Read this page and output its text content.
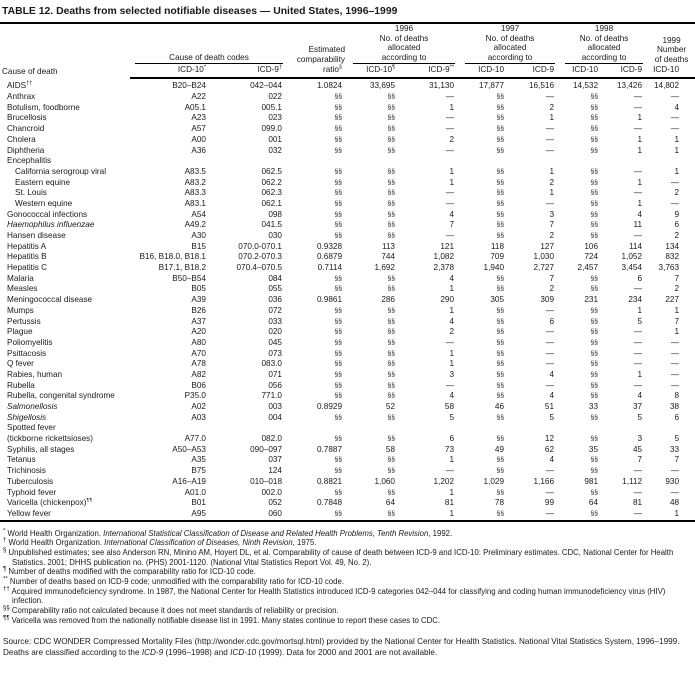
TABLE 12. Deaths from selected notifiable diseases — United States, 1996–1999
Cause of death	
Cause of death codes

Estimated
comparability

1996
No. of deaths
allocated
according to

1997
No. of deaths
allocated
according to

1998
No. of deaths
allocated
according to

1999
Number
of deaths

	ICD-10*	ICD-9†	ratio§	ICD-10¶	ICD-9**	ICD-10	ICD-9	ICD-10	ICD-9	ICD-10
AIDS††	B20–B24	042–044	1.0824	33,695	31,130	17,877	16,516	14,532	13,426	14,802
Anthrax	A22	022	§§	§§	—	§§	—	§§	—	—
Botulism, foodborne	A05.1	005.1	§§	§§	1	§§	2	§§	—	4
Brucellosis	A23	023	§§	§§	—	§§	1	§§	1	—
Chancroid	A57	099.0	§§	§§	—	§§	—	§§	—	—
Cholera	A00	001	§§	§§	2	§§	—	§§	1	1
Diphtheria	A36	032	§§	§§	—	§§	—	§§	1	1
Encephalitis										
California serogroup viral	A83.5	062.5	§§	§§	1	§§	1	§§	—	1
Eastern equine	A83.2	062.2	§§	§§	1	§§	2	§§	1	—
St. Louis	A83.3	062.3	§§	§§	—	§§	1	§§	—	2
Western equine	A83.1	062.1	§§	§§	—	§§	—	§§	1	—
Gonococcal infections	A54	098	§§	§§	4	§§	3	§§	4	9
Haemophilus influenzae	A49.2	041.5	§§	§§	7	§§	7	§§	11	6
Hansen disease	A30	030	§§	§§	—	§§	2	§§	—	2
Hepatitis A	B15	070.0-070.1	0.9328	113	121	118	127	106	114	134
Hepatitis B	B16, B18.0, B18.1	070.2-070.3	0.6879	744	1,082	709	1,030	724	1,052	832
Hepatitis C	B17.1, B18.2	070.4–070.5	0.7114	1,692	2,378	1,940	2,727	2,457	3,454	3,763
Malaria	B50–B54	084	§§	§§	4	§§	7	§§	6	7
Measles	B05	055	§§	§§	1	§§	2	§§	—	2
Meningococcal disease	A39	036	0.9861	286	290	305	309	231	234	227
Mumps	B26	072	§§	§§	1	§§	—	§§	1	1
Pertussis	A37	033	§§	§§	4	§§	6	§§	5	7
Plague	A20	020	§§	§§	2	§§	—	§§	—	1
Poliomyelitis	A80	045	§§	§§	—	§§	—	§§	—	—
Psittacosis	A70	073	§§	§§	1	§§	—	§§	—	—
Q fever	A78	083.0	§§	§§	1	§§	—	§§	—	—
Rabies, human	A82	071	§§	§§	3	§§	4	§§	1	—
Rubella	B06	056	§§	§§	—	§§	—	§§	—	—
Rubella, congenital syndrome	P35.0	771.0	§§	§§	4	§§	4	§§	4	8
Salmonellosis	A02	003	0.8929	52	58	46	51	33	37	38
Shigellosis	A03	004	§§	§§	5	§§	5	§§	5	6
Spotted fever										
(tickborne rickettsioses)	A77.0	082.0	§§	§§	6	§§	12	§§	3	5
Syphilis, all stages	A50–A53	090–097	0.7887	58	73	49	62	35	45	33
Tetanus	A35	037	§§	§§	1	§§	4	§§	7	7
Trichinosis	B75	124	§§	§§	—	§§	—	§§	—	—
Tuberculosis	A16–A19	010–018	0.8821	1,060	1,202	1,029	1,166	981	1,112	930
Typhoid fever	A01.0	002.0	§§	§§	1	§§	—	§§	—	—
Varicella (chickenpox)¶¶	B01	052	0.7848	64	81	78	99	64	81	48
Yellow fever	A95	060	§§	§§	1	§§	—	§§	—	1
* World Health Organization. International Statistical Classification of Disease and Related Health Problems, Tenth Revision, 1992.
† World Health Organization. International Classification of Diseases, Ninth Revision, 1975.
§ Unpublished estimates; see also Anderson RN, Minino AM, Hoyert DL, et al. Comparability of cause of death between ICD-9 and ICD-10: Preliminary estimates. CDC, National Center for Health Statistics. 2001; DHHS publication no. (PHS) 2001-1120. (National Vital Statistics Report Vol. 49, No. 2).
¶ Number of deaths modified with the comparability ratio for ICD-10 code.
** Number of deaths based on ICD-9 code; unmodified with the comparability ratio for ICD-10 code.
†† Acquired immunodeficiency syndrome. In 1987, the National Center for Health Statistics introduced ICD-9 categories 042–044 for classifying and coding human immunodeficiency virus (HIV) infection.
§§ Comparability ratio not calculated because it does not meet standards of reliability or precision.
¶¶ Varicella was removed from the nationally notifiable disease list in 1991. Many states continue to report these cases to CDC.
Source: CDC WONDER Compressed Mortality Files (http://wonder.cdc.gov/mortsql.html) provided by the National Center for Health Statistics. National Vital Statistics System, 1996–1999. Deaths are classified according to the ICD-9 (1996–1998) and ICD-10 (1999). Data for 2000 and 2001 are not available.
